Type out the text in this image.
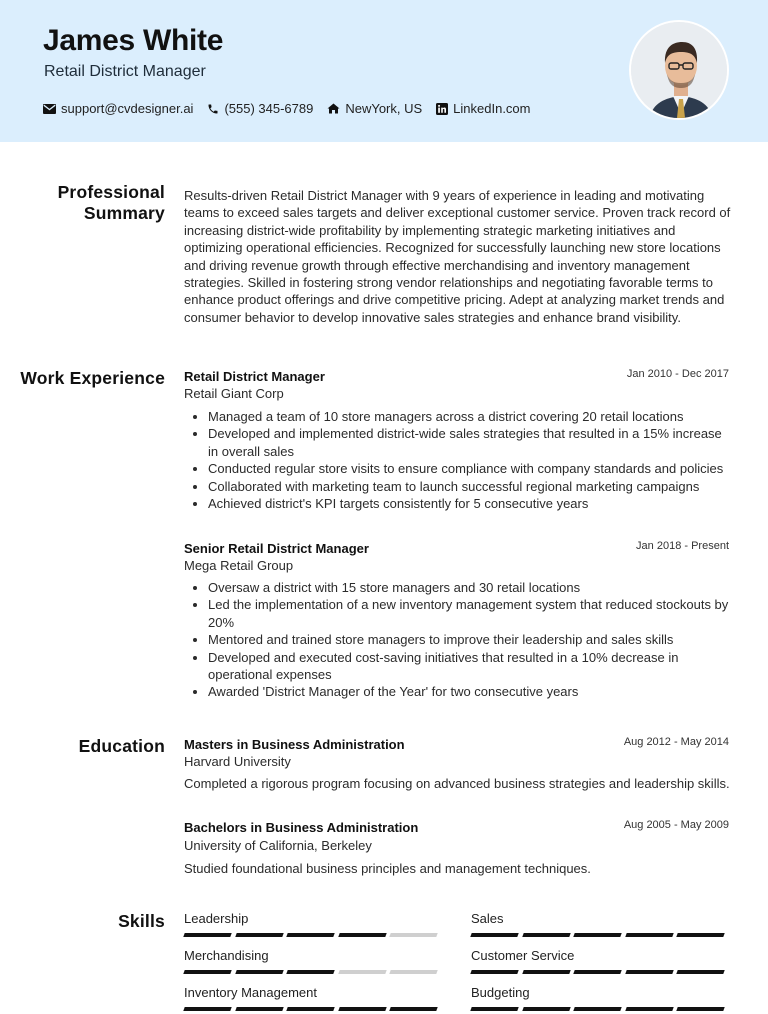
James White
Retail District Manager
support@cvdesigner.ai (555) 345-6789 NewYork, US LinkedIn.com
Professional Summary
Results-driven Retail District Manager with 9 years of experience in leading and motivating teams to exceed sales targets and deliver exceptional customer service. Proven track record of increasing district-wide profitability by implementing strategic marketing initiatives and optimizing operational efficiencies. Recognized for successfully launching new store locations and driving revenue growth through effective merchandising and inventory management strategies. Skilled in fostering strong vendor relationships and negotiating favorable terms to enhance product offerings and drive competitive pricing. Adept at analyzing market trends and consumer behavior to develop innovative sales strategies and enhance brand visibility.
Work Experience Retail District Manager	Jan 2010 - Dec 2017
Retail Giant Corp
Managed a team of 10 store managers across a district covering 20 retail locations
Developed and implemented district-wide sales strategies that resulted in a 15% increase in overall sales
Conducted regular store visits to ensure compliance with company standards and policies
Collaborated with marketing team to launch successful regional marketing campaigns
Achieved district's KPI targets consistently for 5 consecutive years
Senior Retail District Manager	Jan 2018 - Present
Mega Retail Group
Oversaw a district with 15 store managers and 30 retail locations
Led the implementation of a new inventory management system that reduced stockouts by 20%
Mentored and trained store managers to improve their leadership and sales skills
Developed and executed cost-saving initiatives that resulted in a 10% decrease in operational expenses
Awarded 'District Manager of the Year' for two consecutive years
Education Masters in Business Administration	Aug 2012 - May 2014
Harvard University
Completed a rigorous program focusing on advanced business strategies and leadership skills.
Bachelors in Business Administration	Aug 2005 - May 2009
University of California, Berkeley
Studied foundational business principles and management techniques.
Skills Leadership	Sales
Merchandising	Customer Service
Inventory Management	Budgeting
